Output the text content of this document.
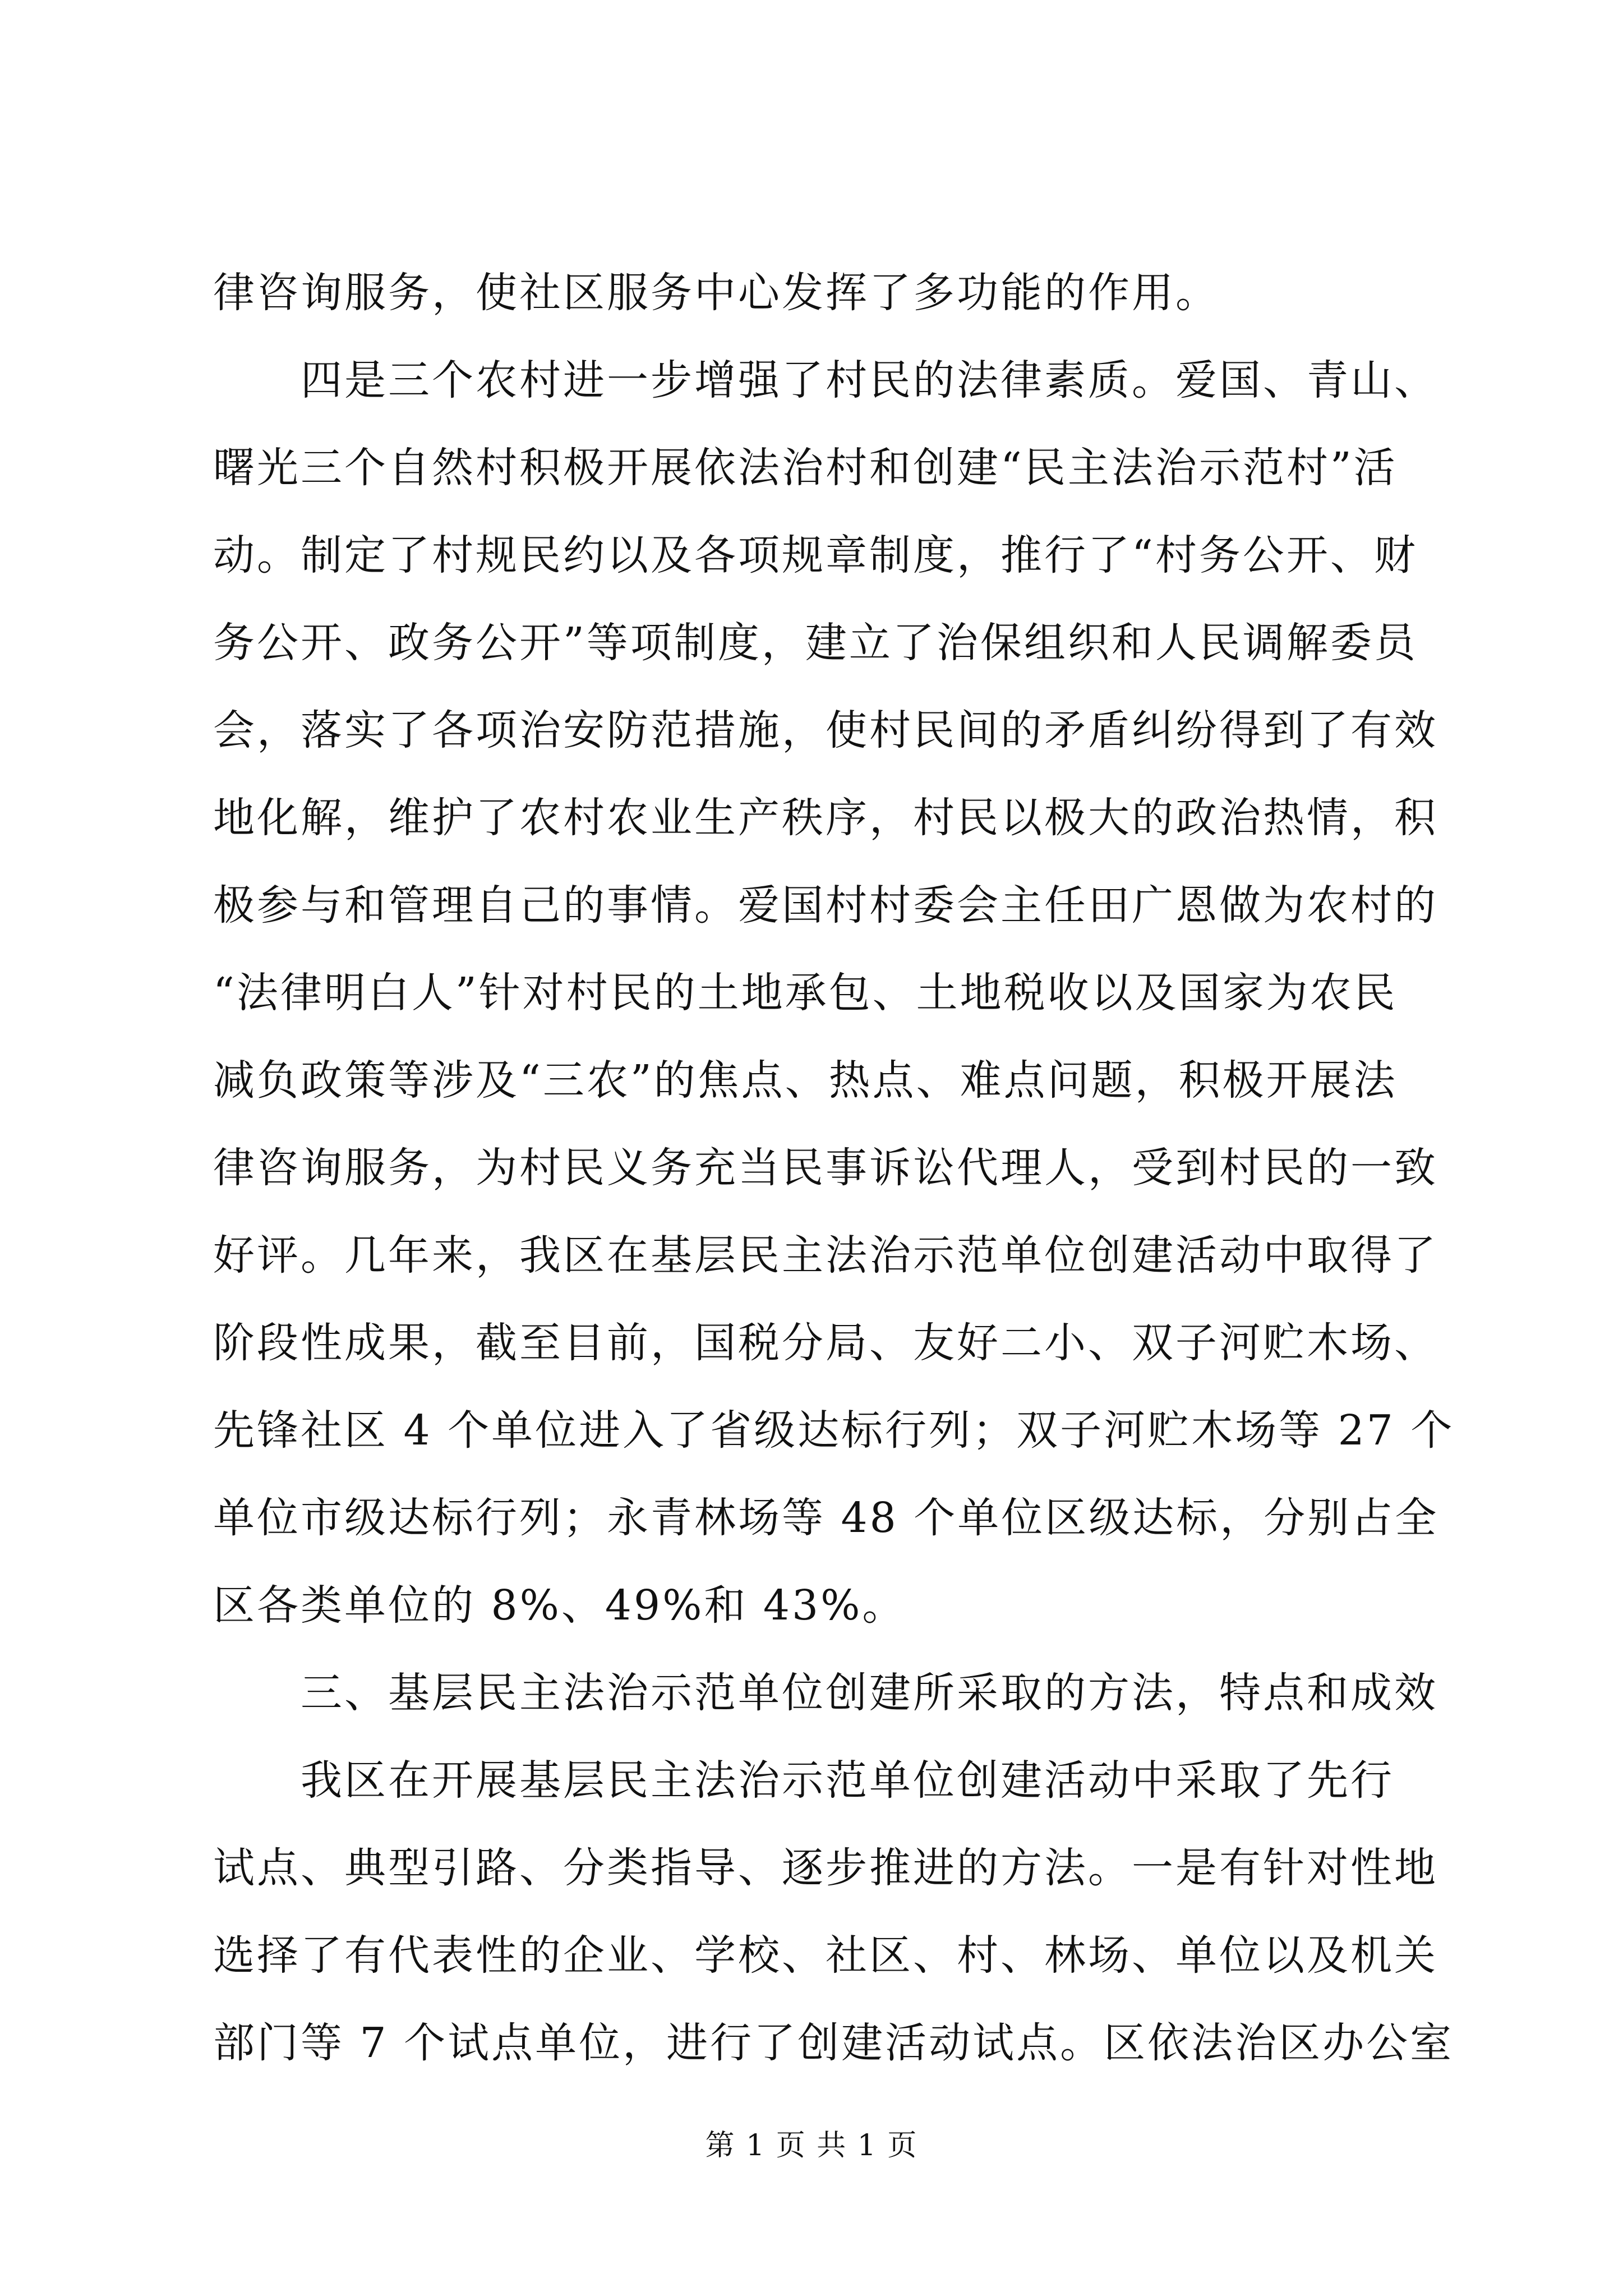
律咨询服务，使社区服务中心发挥了多功能的作用。
　　四是三个农村进一步增强了村民的法律素质。爱国、青山、
曙光三个自然村积极开展依法治村和创建“民主法治示范村”活
动。制定了村规民约以及各项规章制度，推行了“村务公开、财
务公开、政务公开”等项制度，建立了治保组织和人民调解委员
会，落实了各项治安防范措施，使村民间的矛盾纠纷得到了有效
地化解，维护了农村农业生产秩序，村民以极大的政治热情，积
极参与和管理自己的事情。爱国村村委会主任田广恩做为农村的
“法律明白人”针对村民的土地承包、土地税收以及国家为农民
减负政策等涉及“三农”的焦点、热点、难点问题，积极开展法
律咨询服务，为村民义务充当民事诉讼代理人，受到村民的一致
好评。几年来，我区在基层民主法治示范单位创建活动中取得了
阶段性成果，截至目前，国税分局、友好二小、双子河贮木场、
先锋社区 4 个单位进入了省级达标行列；双子河贮木场等 27 个
单位市级达标行列；永青林场等 48 个单位区级达标，分别占全
区各类单位的 8%、49%和 43%。
　　三、基层民主法治示范单位创建所采取的方法，特点和成效
　　我区在开展基层民主法治示范单位创建活动中采取了先行
试点、典型引路、分类指导、逐步推进的方法。一是有针对性地
选择了有代表性的企业、学校、社区、村、林场、单位以及机关
部门等 7 个试点单位，进行了创建活动试点。区依法治区办公室
第 1 页 共 1 页
